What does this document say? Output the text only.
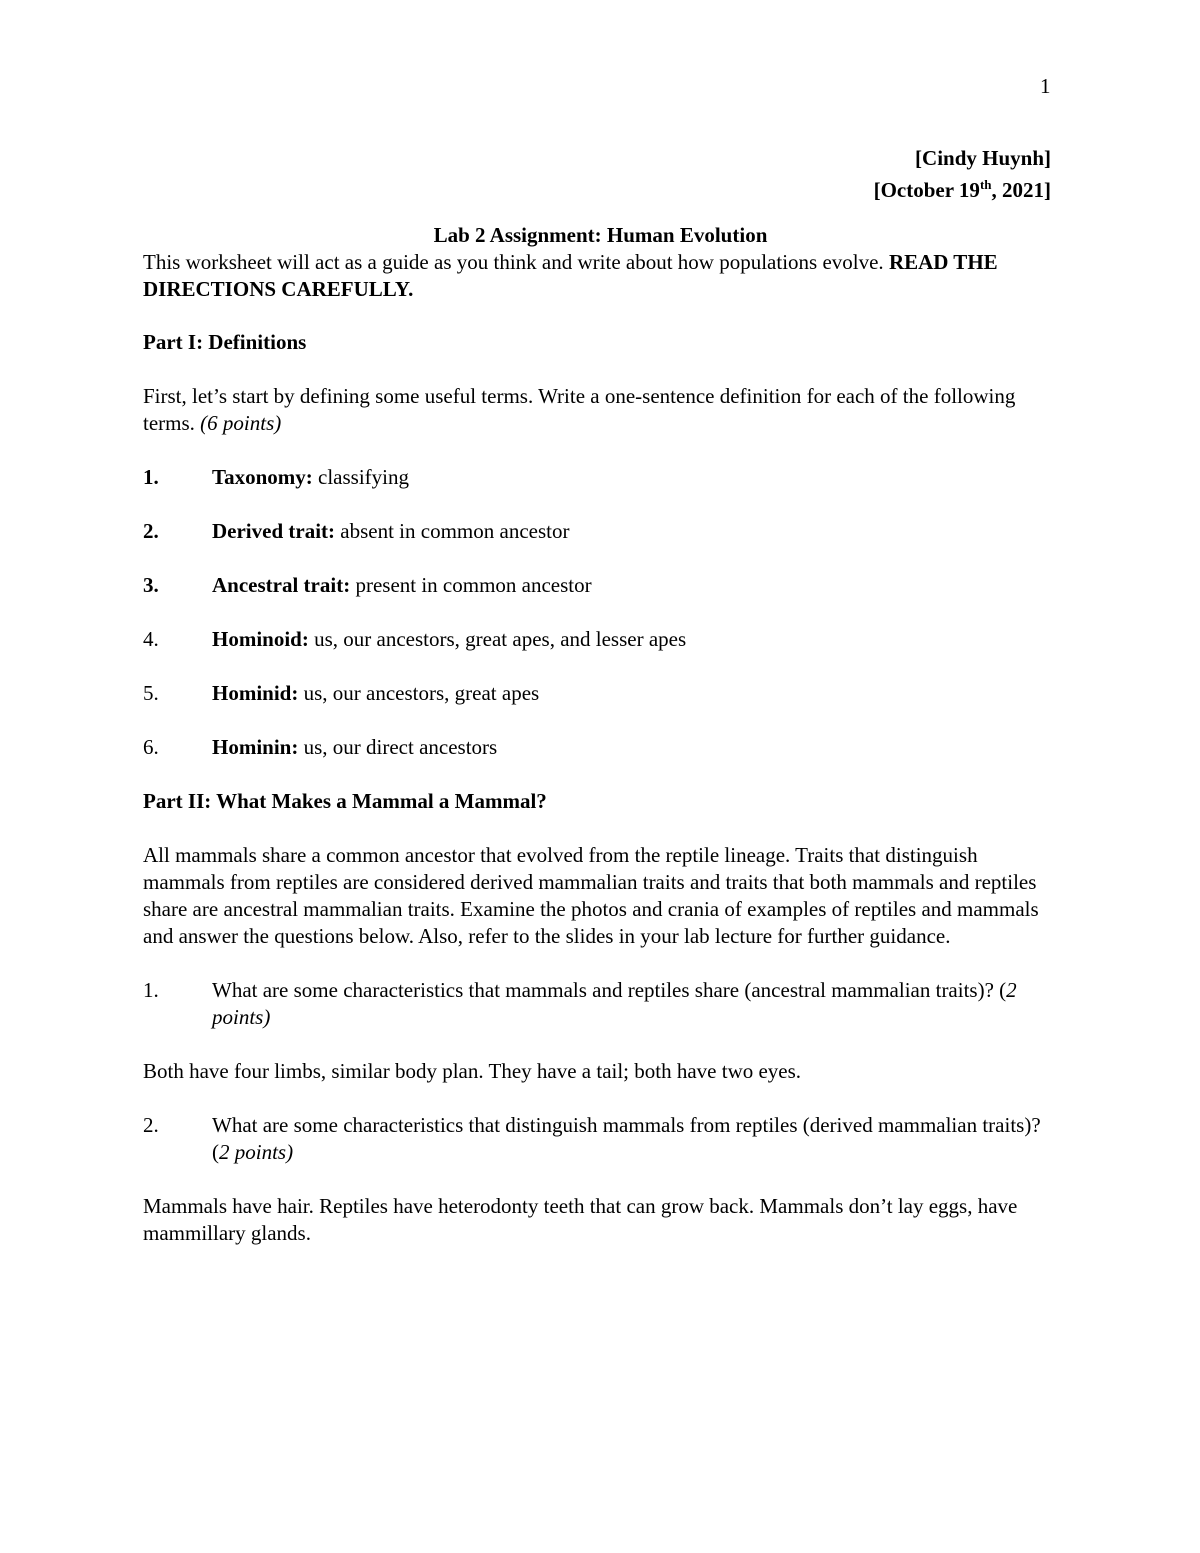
1
[Cindy Huynh]
[October 19th, 2021]

Lab 2 Assignment: Human Evolution

This worksheet will act as a guide as you think and write about how populations evolve. READ THE DIRECTIONS CAREFULLY.

Part I: Definitions

First, let’s start by defining some useful terms. Write a one-sentence definition for each of the following terms. (6 points)

1.	Taxonomy: classifying
2.	Derived trait: absent in common ancestor
3.	Ancestral trait: present in common ancestor
4.	Hominoid: us, our ancestors, great apes, and lesser apes
5.	Hominid: us, our ancestors, great apes
6.	Hominin: us, our direct ancestors

Part II: What Makes a Mammal a Mammal?

All mammals share a common ancestor that evolved from the reptile lineage. Traits that distinguish mammals from reptiles are considered derived mammalian traits and traits that both mammals and reptiles share are ancestral mammalian traits. Examine the photos and crania of examples of reptiles and mammals and answer the questions below. Also, refer to the slides in your lab lecture for further guidance.

1.	What are some characteristics that mammals and reptiles share (ancestral mammalian traits)? (2 points)

Both have four limbs, similar body plan. They have a tail; both have two eyes.

2.	What are some characteristics that distinguish mammals from reptiles (derived mammalian traits)? (2 points)

Mammals have hair. Reptiles have heterodonty teeth that can grow back. Mammals don’t lay eggs, have mammillary glands.
